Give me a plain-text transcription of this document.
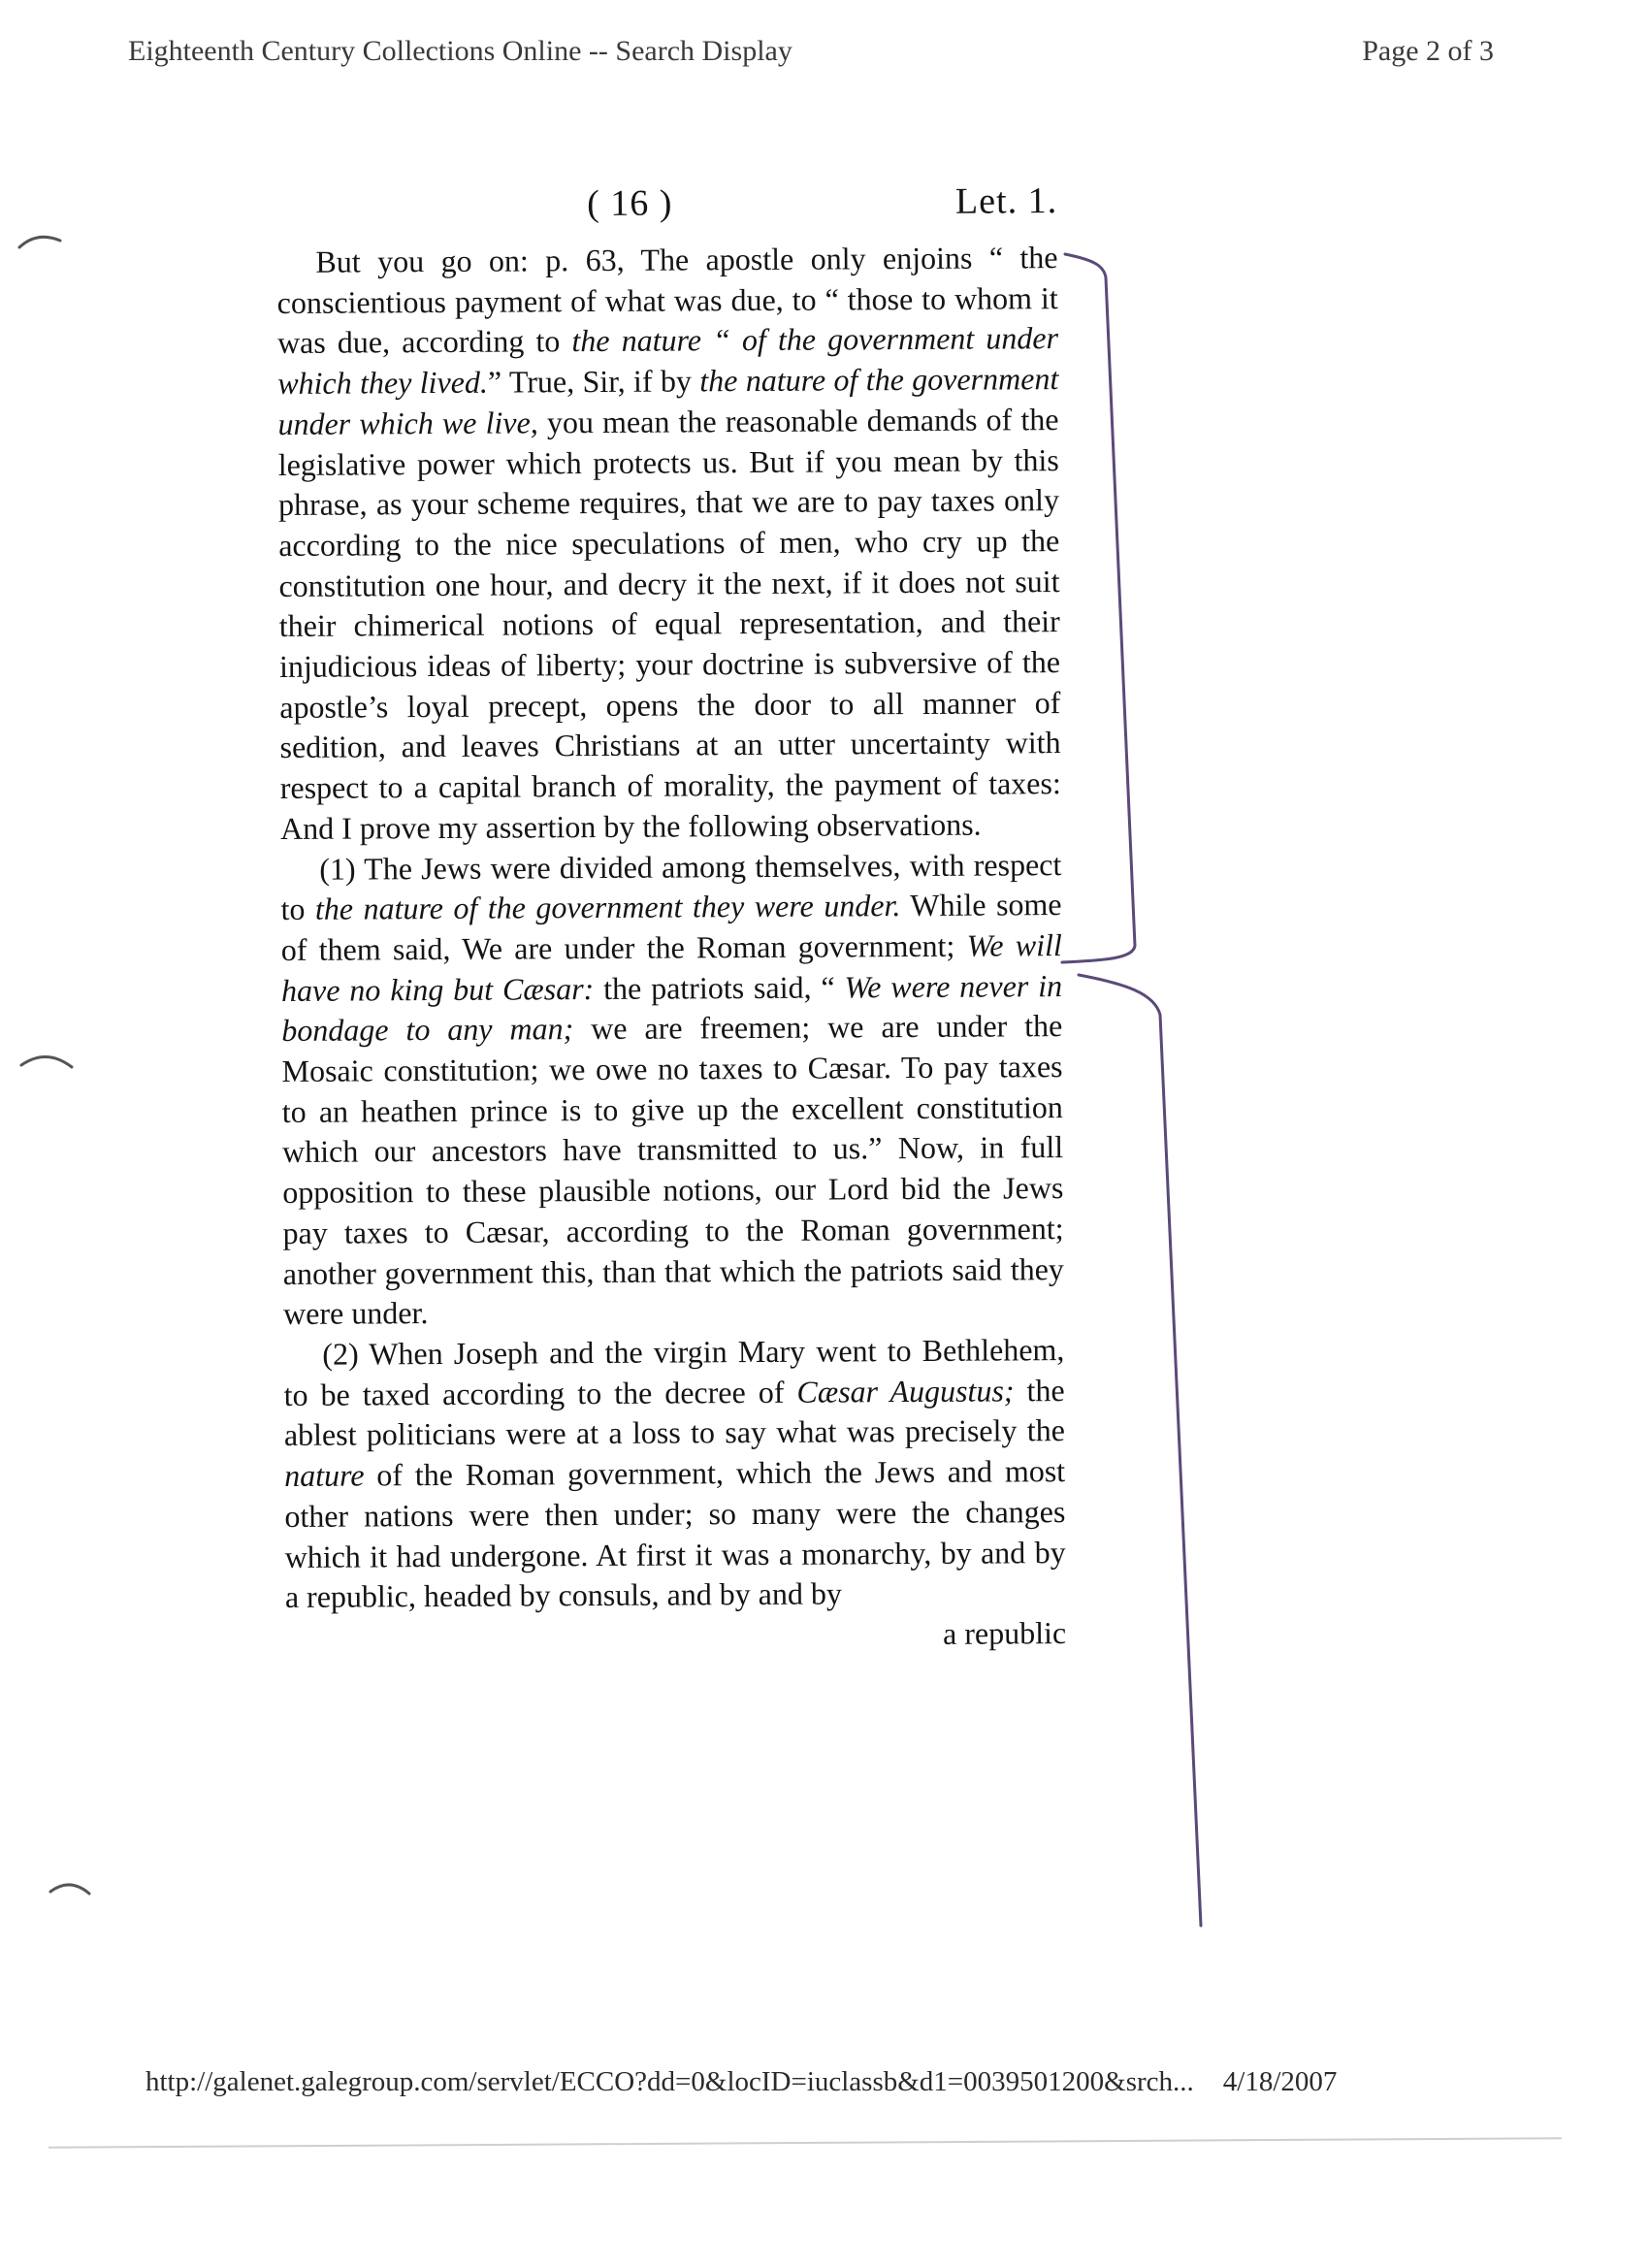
Eighteenth Century Collections Online -- Search Display	Page 2 of 3
( 16 )	Let. 1.

But you go on: p. 63, The apostle only enjoins “ the conscientious payment of what was due, to “ those to whom it was due, according to the nature “ of the government under which they lived.” True, Sir, if by the nature of the government under which we live, you mean the reasonable demands of the legislative power which protects us. But if you mean by this phrase, as your scheme requires, that we are to pay taxes only according to the nice speculations of men, who cry up the constitution one hour, and decry it the next, if it does not suit their chimerical notions of equal representation, and their injudicious ideas of liberty; your doctrine is subversive of the apostle’s loyal precept, opens the door to all manner of sedition, and leaves Christians at an utter uncertainty with respect to a capital branch of morality, the payment of taxes: And I prove my assertion by the following observations.

(1) The Jews were divided among themselves, with respect to the nature of the government they were under. While some of them said, We are under the Roman government; We will have no king but Cæsar: the patriots said, “ We were never in bondage to any man; we are freemen; we are under the Mosaic constitution; we owe no taxes to Cæsar. To pay taxes to an heathen prince is to give up the excellent constitution which our ancestors have transmitted to us.” Now, in full opposition to these plausible notions, our Lord bid the Jews pay taxes to Cæsar, according to the Roman government; another government this, than that which the patriots said they were under.

(2) When Joseph and the virgin Mary went to Bethlehem, to be taxed according to the decree of Cæsar Augustus; the ablest politicians were at a loss to say what was precisely the nature of the Roman government, which the Jews and most other nations were then under; so many were the changes which it had undergone. At first it was a monarchy, by and by a republic, headed by consuls, and by and by

a republic

http://galenet.galegroup.com/servlet/ECCO?dd=0&locID=iuclassb&d1=0039501200&srch... 4/18/2007
